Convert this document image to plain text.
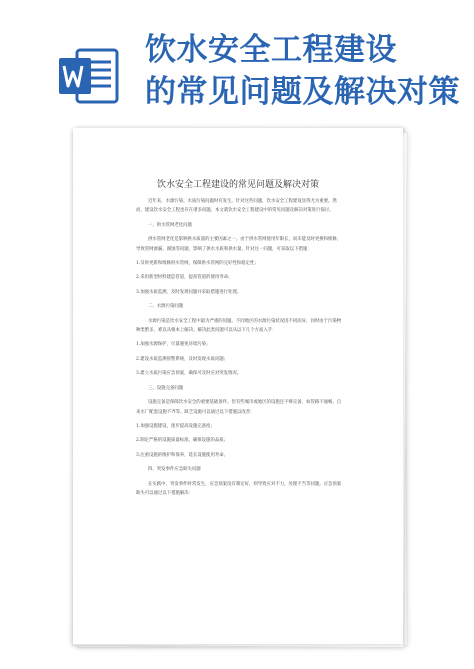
饮水安全工程建设
的常见问题及解决对策
饮水安全工程建设的常见问题及解决对策

近年来，水源污染、水质污染问题时有发生。针对这些问题，饮水安全工程建设显得尤为重要。然而，建设饮水安全工程也存在诸多问题。本文就饮水安全工程建设中的常见问题及解决对策进行探讨。

一、供水管网老化问题

供水管网老化是影响供水质量的主要因素之一。由于供水管网使用年限长，而未能及时更换和维修，导致管网渗漏、腐蚀等问题，影响了供水水质和供水量。针对这一问题，可采取以下措施：

1.及时更新和维修供水管网，保障供水管网的完好性和稳定性；

2.采用新型材料建造管道，提高管道的使用寿命；

3.加强水质监测，及时发现问题并采取措施进行处理。

二、水源污染问题

水源污染是饮水安全工程中最为严重的问题。不同地区的水源污染状况因不同而异，同时由于污染物种类繁多，难以从根本上解决。解决此类问题可以从以下几个方面入手：

1.加强水源保护，尽量避免环境污染；

2.建设水质监测预警系统，及时发现水质问题；

3.建立水质污染应急预案，确保可及时应对突发情况。

三、设施完备问题

设施完备是保障饮水安全的重要基础条件。但有些城市或地区的设施还不够完备，如管路不通畅、自来水厂配套设施不齐等。缺乏设施可以通过以下措施以改善：

1.加强设施建设，逐步提高设施完备度；

2.制定严格的设施质量标准，确保设施的品质；

3.注重设施的维护和保养，延长设施使用寿命。

四、突发事件应急缺失问题

在实践中，突发事件时常发生，应急预案没有制定好，则导致应对不力，处理不当等问题。应急预案缺失可以通过以下措施解决：
